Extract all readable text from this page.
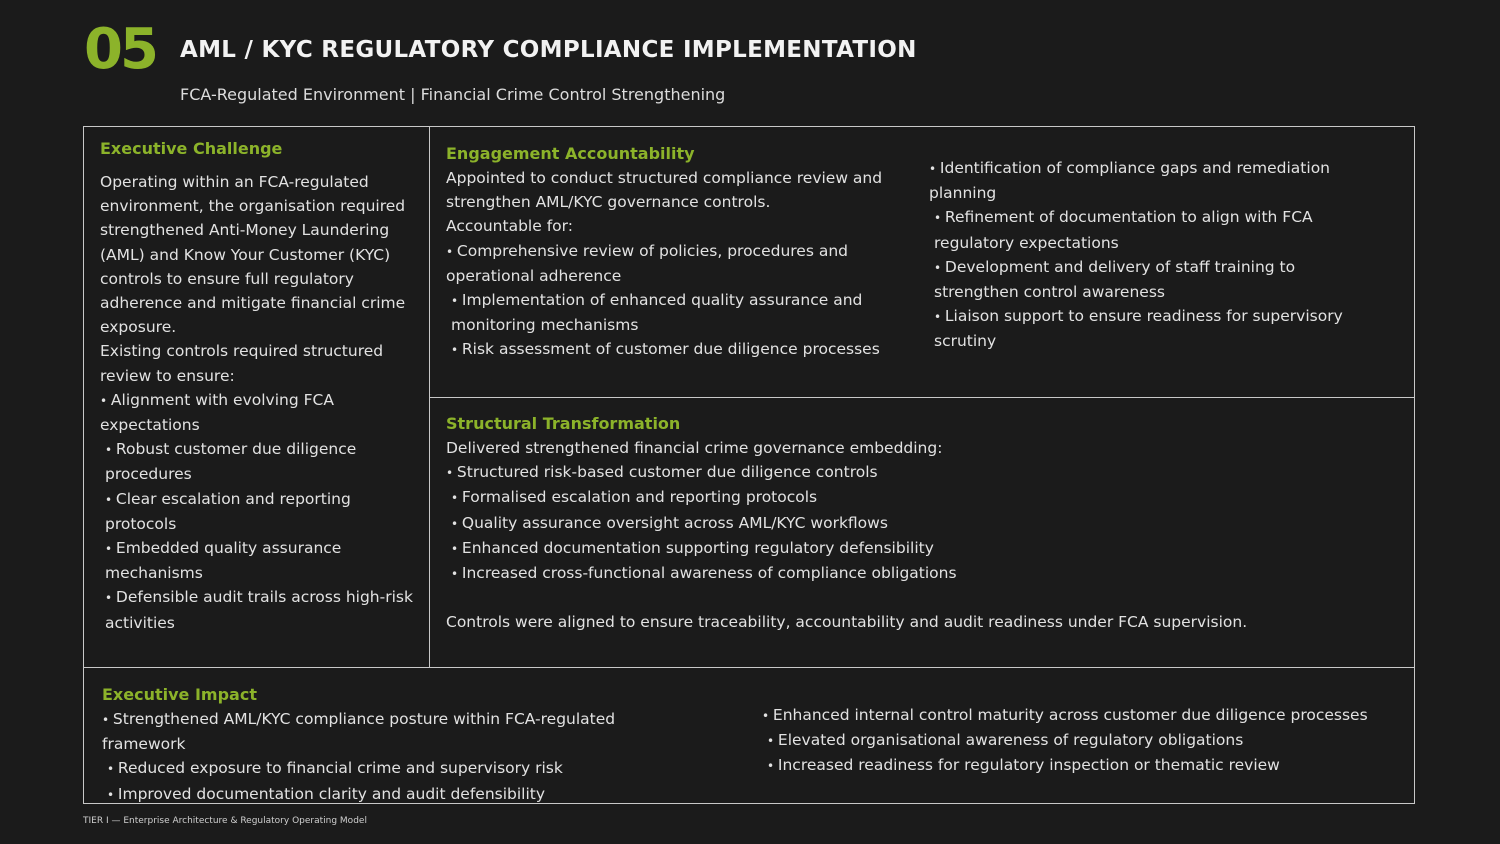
05 AML / KYC REGULATORY COMPLIANCE IMPLEMENTATION
FCA-Regulated Environment | Financial Crime Control Strengthening
Executive Challenge
Operating within an FCA-regulated environment, the organisation required strengthened Anti-Money Laundering (AML) and Know Your Customer (KYC) controls to ensure full regulatory adherence and mitigate financial crime exposure.
Existing controls required structured review to ensure:
• Alignment with evolving FCA expectations
• Robust customer due diligence procedures
• Clear escalation and reporting protocols
• Embedded quality assurance mechanisms
• Defensible audit trails across high-risk activities
Engagement Accountability
Appointed to conduct structured compliance review and strengthen AML/KYC governance controls.
Accountable for:
• Comprehensive review of policies, procedures and operational adherence
• Implementation of enhanced quality assurance and monitoring mechanisms
• Risk assessment of customer due diligence processes
• Identification of compliance gaps and remediation planning
• Refinement of documentation to align with FCA regulatory expectations
• Development and delivery of staff training to strengthen control awareness
• Liaison support to ensure readiness for supervisory scrutiny
Structural Transformation
Delivered strengthened financial crime governance embedding:
• Structured risk-based customer due diligence controls
• Formalised escalation and reporting protocols
• Quality assurance oversight across AML/KYC workflows
• Enhanced documentation supporting regulatory defensibility
• Increased cross-functional awareness of compliance obligations
Controls were aligned to ensure traceability, accountability and audit readiness under FCA supervision.
Executive Impact
• Strengthened AML/KYC compliance posture within FCA-regulated framework
• Reduced exposure to financial crime and supervisory risk
• Improved documentation clarity and audit defensibility
• Enhanced internal control maturity across customer due diligence processes
• Elevated organisational awareness of regulatory obligations
• Increased readiness for regulatory inspection or thematic review
TIER I — Enterprise Architecture & Regulatory Operating Model
